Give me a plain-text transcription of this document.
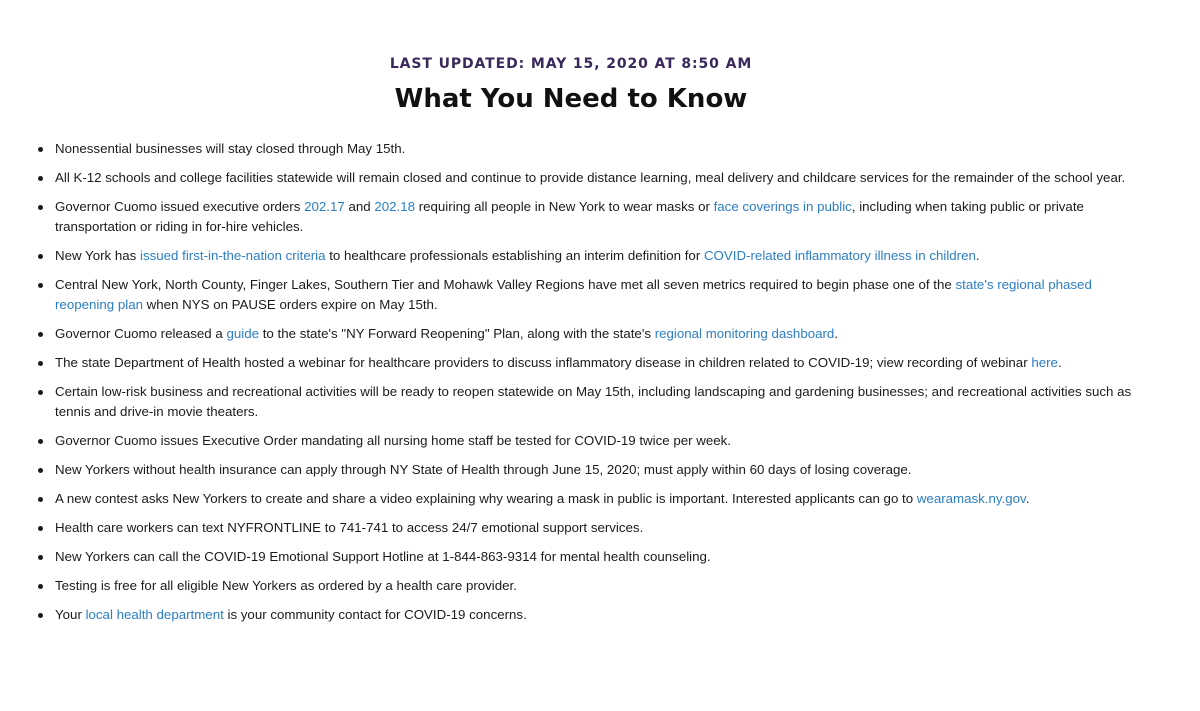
LAST UPDATED: MAY 15, 2020 AT 8:50 AM
What You Need to Know
Nonessential businesses will stay closed through May 15th.
All K-12 schools and college facilities statewide will remain closed and continue to provide distance learning, meal delivery and childcare services for the remainder of the school year.
Governor Cuomo issued executive orders 202.17 and 202.18 requiring all people in New York to wear masks or face coverings in public, including when taking public or private transportation or riding in for-hire vehicles.
New York has issued first-in-the-nation criteria to healthcare professionals establishing an interim definition for COVID-related inflammatory illness in children.
Central New York, North County, Finger Lakes, Southern Tier and Mohawk Valley Regions have met all seven metrics required to begin phase one of the state's regional phased reopening plan when NYS on PAUSE orders expire on May 15th.
Governor Cuomo released a guide to the state's "NY Forward Reopening" Plan, along with the state's regional monitoring dashboard.
The state Department of Health hosted a webinar for healthcare providers to discuss inflammatory disease in children related to COVID-19; view recording of webinar here.
Certain low-risk business and recreational activities will be ready to reopen statewide on May 15th, including landscaping and gardening businesses; and recreational activities such as tennis and drive-in movie theaters.
Governor Cuomo issues Executive Order mandating all nursing home staff be tested for COVID-19 twice per week.
New Yorkers without health insurance can apply through NY State of Health through June 15, 2020; must apply within 60 days of losing coverage.
A new contest asks New Yorkers to create and share a video explaining why wearing a mask in public is important. Interested applicants can go to wearamask.ny.gov.
Health care workers can text NYFRONTLINE to 741-741 to access 24/7 emotional support services.
New Yorkers can call the COVID-19 Emotional Support Hotline at 1-844-863-9314 for mental health counseling.
Testing is free for all eligible New Yorkers as ordered by a health care provider.
Your local health department is your community contact for COVID-19 concerns.
